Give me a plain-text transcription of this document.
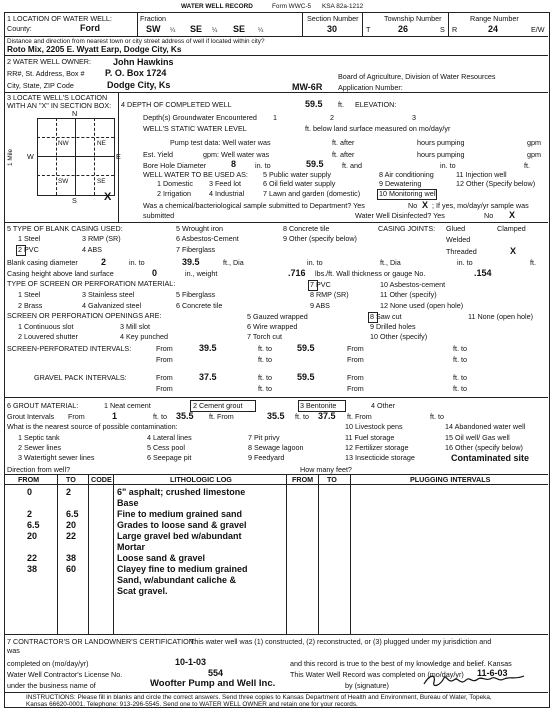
WATER WELL RECORD	Form WWC-5 KSA 82a-1212
1 LOCATION OF WATER WELL:
County:	Ford
Fraction
SW ¼ SE ¼ SE ¼
Section Number
30
Township Number
T	26	S
Range Number
R	24	E/W
Distance and direction from nearest town or city street address of well if located within city?
Roto Mix, 2205 E. Wyatt Earp, Dodge City, Ks
2 WATER WELL OWNER: John Hawkins
RR#, St. Address, Box # P. O. Box 1724
City, State, ZIP Code	Dodge City, Ks
Board of Agriculture, Division of Water Resources
MW-6R Application Number:
3 LOCATE WELL'S LOCATION WITH AN "X" IN SECTION BOX:
N
S
W	E
NW	NE
SW	SE
X
1 Mile
4 DEPTH OF COMPLETED WELL	59.5 ft. ELEVATION:
Depth(s) Groundwater Encountered 1	2	3
WELL'S STATIC WATER LEVEL	ft. below land surface measured on mo/day/yr
Pump test data: Well water was	ft. after	hours pumping	gpm
Est. Yield	gpm: Well water was	ft. after	hours pumping	gpm
Bore Hole Diameter	8	in. to	59.5	ft. and	in. to	ft.
WELL WATER TO BE USED AS:
1 Domestic
2 Irrigation
3 Feed lot
4 Industrial
5 Public water supply
6 Oil field water supply
7 Lawn and garden (domestic)
8 Air conditioning
9 Dewatering
10 Monitoring well
11 Injection well
12 Other (Specify below)
Was a chemical/bacteriological sample submitted to Department? Yes	No X ; If yes, mo/day/yr sample was
submitted	Water Well Disinfected? Yes	No X
5 TYPE OF BLANK CASING USED:
1 Steel
2 PVC
3 RMP (SR)
4 ABS
5 Wrought iron
6 Asbestos-Cement
7 Fiberglass
8 Concrete tile
9 Other (specify below)
CASING JOINTS: Glued	Clamped
Welded
Threaded	X
Blank casing diameter	2	in. to	39.5	ft., Dia	in. to	ft., Dia	in. to	ft.
Casing height above land surface	0	in., weight	.716 lbs./ft. Wall thickness or gauge No.	.154
TYPE OF SCREEN OR PERFORATION MATERIAL:
1 Steel
2 Brass
3 Stainless steel
4 Galvanized steel
5 Fiberglass
6 Concrete tile
7 PVC
8 RMP (SR)
9 ABS
10 Asbestos-cement
11 Other (specify)
12 None used (open hole)
SCREEN OR PERFORATION OPENINGS ARE:
1 Continuous slot
2 Louvered shutter
3 Mill slot
4 Key punched
5 Gauzed wrapped
6 Wire wrapped
7 Torch cut
8 Saw cut
9 Drilled holes
10 Other (specify)
11 None (open hole)
SCREEN-PERFORATED INTERVALS:	From	39.5	ft. to	59.5	From	ft. to
From	ft. to	From	ft. to
GRAVEL PACK INTERVALS:	From	37.5	ft. to	59.5	From	ft. to
From	ft. to	From	ft. to
6 GROUT MATERIAL:	1 Neat cement	2 Cement grout	3 Bentonite	4 Other
Grout Intervals From	1	ft. to 35.5 ft. From	35.5 ft. to 37.5 ft. From	ft. to
What is the nearest source of possible contamination:
1 Septic tank
2 Sewer lines
3 Watertight sewer lines
4 Lateral lines
5 Cess pool
6 Seepage pit
7 Pit privy
8 Sewage lagoon
9 Feedyard
10 Livestock pens
11 Fuel storage
12 Fertilizer storage
13 Insecticide storage
14 Abandoned water well
15 Oil well/ Gas well
16 Other (specify below)
Contaminated site
Direction from well?	How many feet?
FROM	TO CODE	LITHOLOGIC LOG	FROM TO	PLUGGING INTERVALS
0	2	6" asphalt; crushed limestone
Base
2	6.5	Fine to medium grained sand
6.5	20	Grades to loose sand & gravel
20	22	Large gravel bed w/abundant
Mortar
22	38	Loose sand & gravel
38	60	Clayey fine to medium grained
Sand, w/abundant caliche &
Scat gravel.
7 CONTRACTOR'S OR LANDOWNER'S CERTIFICATION:
This water well was (1) constructed, (2) reconstructed, or (3) plugged under my jurisdiction and
was
completed on (mo/day/yr)	10-1-03	and this record is true to the best of my knowledge and belief. Kansas
Water Well Contractor's License No.	554	This Water Well Record was completed on (mo/day/yr) 11-6-03
under the business name of	Woofter Pump and Well Inc.	by (signature)
INSTRUCTIONS: Please fill in blanks and circle the correct answers. Send three copies to Kansas Department of Health and Environment, Bureau of Water, Topeka,
Kansas 66620-0001. Telephone: 913-296-5545. Send one to WATER WELL OWNER and retain one for your records.
